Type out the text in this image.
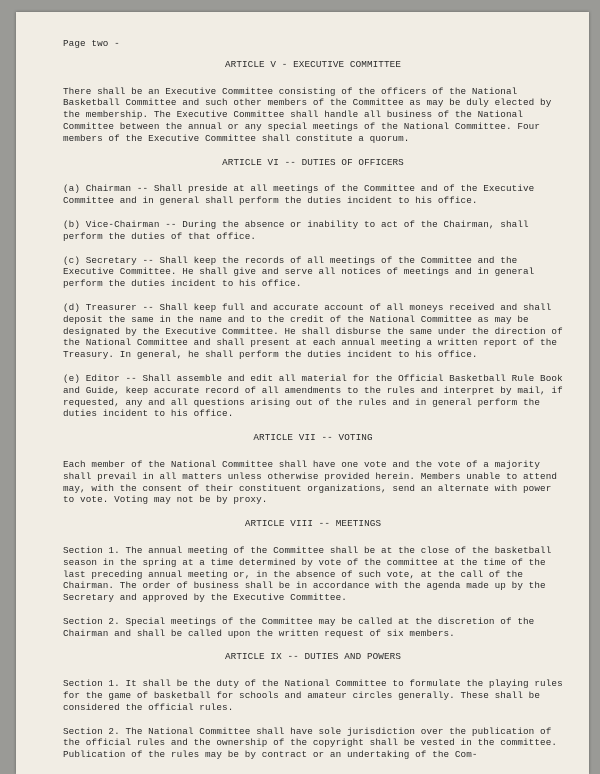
Page two -
ARTICLE V - EXECUTIVE COMMITTEE
There shall be an Executive Committee consisting of the officers of the National Basketball Committee and such other members of the Committee as may be duly elected by the membership. The Executive Committee shall handle all business of the National Committee between the annual or any special meetings of the National Committee. Four members of the Executive Committee shall constitute a quorum.
ARTICLE VI -- DUTIES OF OFFICERS
(a) Chairman -- Shall preside at all meetings of the Committee and of the Executive Committee and in general shall perform the duties incident to his office.
(b) Vice-Chairman -- During the absence or inability to act of the Chairman, shall perform the duties of that office.
(c) Secretary -- Shall keep the records of all meetings of the Committee and the Executive Committee. He shall give and serve all notices of meetings and in general perform the duties incident to his office.
(d) Treasurer -- Shall keep full and accurate account of all moneys received and shall deposit the same in the name and to the credit of the National Committee as may be designated by the Executive Committee. He shall disburse the same under the direction of the National Committee and shall present at each annual meeting a written report of the Treasury. In general, he shall perform the duties incident to his office.
(e) Editor -- Shall assemble and edit all material for the Official Basketball Rule Book and Guide, keep accurate record of all amendments to the rules and interpret by mail, if requested, any and all questions arising out of the rules and in general perform the duties incident to his office.
ARTICLE VII -- VOTING
Each member of the National Committee shall have one vote and the vote of a majority shall prevail in all matters unless otherwise provided herein. Members unable to attend may, with the consent of their constituent organizations, send an alternate with power to vote. Voting may not be by proxy.
ARTICLE VIII -- MEETINGS
Section 1. The annual meeting of the Committee shall be at the close of the basketball season in the spring at a time determined by vote of the committee at the time of the last preceding annual meeting or, in the absence of such vote, at the call of the Chairman. The order of business shall be in accordance with the agenda made up by the Secretary and approved by the Executive Committee.
Section 2. Special meetings of the Committee may be called at the discretion of the Chairman and shall be called upon the written request of six members.
ARTICLE IX -- DUTIES AND POWERS
Section 1. It shall be the duty of the National Committee to formulate the playing rules for the game of basketball for schools and amateur circles generally. These shall be considered the official rules.
Section 2. The National Committee shall have sole jurisdiction over the publication of the official rules and the ownership of the copyright shall be vested in the committee. Publication of the rules may be by contract or an undertaking of the Com-
